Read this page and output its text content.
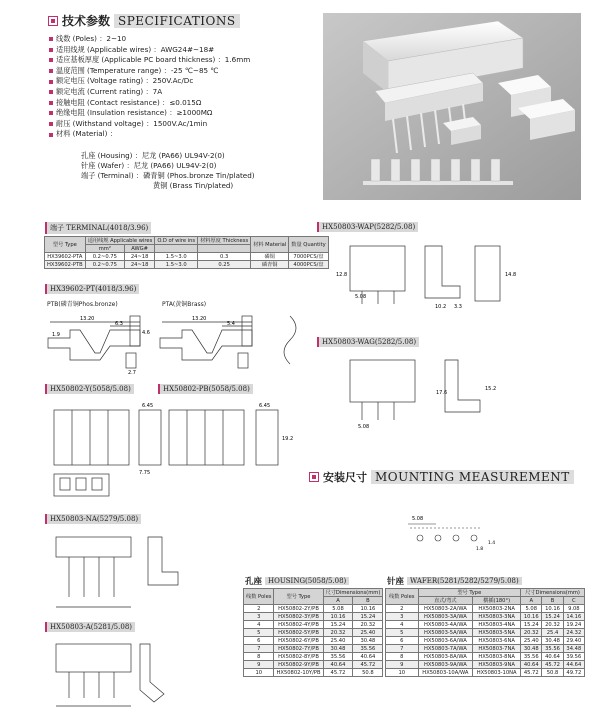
技术参数 SPECIFICATIONS
线数 (Poles) ：2~10
适用线规 (Applicable wires) ：AWG24#~18#
适应基板厚度 (Applicable PC board thickness) ：1.6mm
温度范围 (Temperature range) ：-25 ℃~85 ℃
额定电压 (Voltage rating) ：250V.Ac/Dc
额定电流 (Current rating) ：7A
接触电阻 (Contact resistance) ：≤0.015Ω
绝缘电阻 (Insulation resistance) ：≥1000MΩ
耐压 (Withstand voltage) ：1500V.Ac/1min
材料 (Material) ：
孔座 (Housing) ：尼龙 (PA66) UL94V-2(0)
针座 (Wafer) ：尼龙 (PA66) UL94V-2(0)
端子 (Terminal) ：磷青铜 (Phos.bronze Tin/plated)
黄铜 (Brass Tin/plated)
端子 TERMINAL(4018/3.96)
型号 Type	适用线规 Applicable wires		O.D of wire ins	材料厚度 Thickness	材料 Material	数量 Quantity
	mm²	AWG#				
HX39602-PTA	0.2~0.75	24~18	1.5~3.0	0.3	磷铜	7000PCS/盘
HX39602-PTB	0.2~0.75	24~18	1.5~3.0	0.25	磷青铜	4000PCS/盘
HX39602-PT(4018/3.96)
PTB(磷青铜Phos.bronze)	PTA(黄铜Brass)
13.20
6.3
1.9	4.6
2.7
13.20
5.4
HX50802-Y(5058/5.08)	HX50802-PB(5058/5.08)
6.45
7.75
6.45
19.2
HX50803-NA(5279/5.08)
HX50803-A(5281/5.08)
HX50803-WAP(5282/5.08)
12.8	14.8
10.2 3.3
5.08
HX50803-WAG(5282/5.08)
17.6
15.2
5.08
安装尺寸 MOUNTING MEASUREMENT
5.08
1.8
1.4
孔座 HOUSING(5058/5.08)
线数 Poles	型号 Type	尺寸Dimensions(mm)	
		A	B
2	HX50802-2Y/PB	5.08	10.16
3	HX50802-3Y/PB	10.16	15.24
4	HX50802-4Y/PB	15.24	20.32
5	HX50802-5Y/PB	20.32	25.40
6	HX50802-6Y/PB	25.40	30.48
7	HX50802-7Y/PB	30.48	35.56
8	HX50802-8Y/PB	35.56	40.64
9	HX50802-9Y/PB	40.64	45.72
10	HX50802-10Y/PB	45.72	50.8
针座 WAFER(5281/5282/5279/5.08)
线数 Poles	型号 Type		尺寸Dimensions(mm)		
	直式/弯式	横插(180°)	A	B	C
2	HX50803-2A/WA	HX50803-2NA	5.08	10.16	9.08
3	HX50803-3A/WA	HX50803-3NA	10.16	15.24	14.16
4	HX50803-4A/WA	HX50803-4NA	15.24	20.32	19.24
5	HX50803-5A/WA	HX50803-5NA	20.32	25.4	24.32
6	HX50803-6A/WA	HX50803-6NA	25.40	30.48	29.40
7	HX50803-7A/WA	HX50803-7NA	30.48	35.56	34.48
8	HX50803-8A/WA	HX50803-8NA	35.56	40.64	39.56
9	HX50803-9A/WA	HX50803-9NA	40.64	45.72	44.64
10	HX50803-10A/WA	HX50803-10NA	45.72	50.8	49.72
